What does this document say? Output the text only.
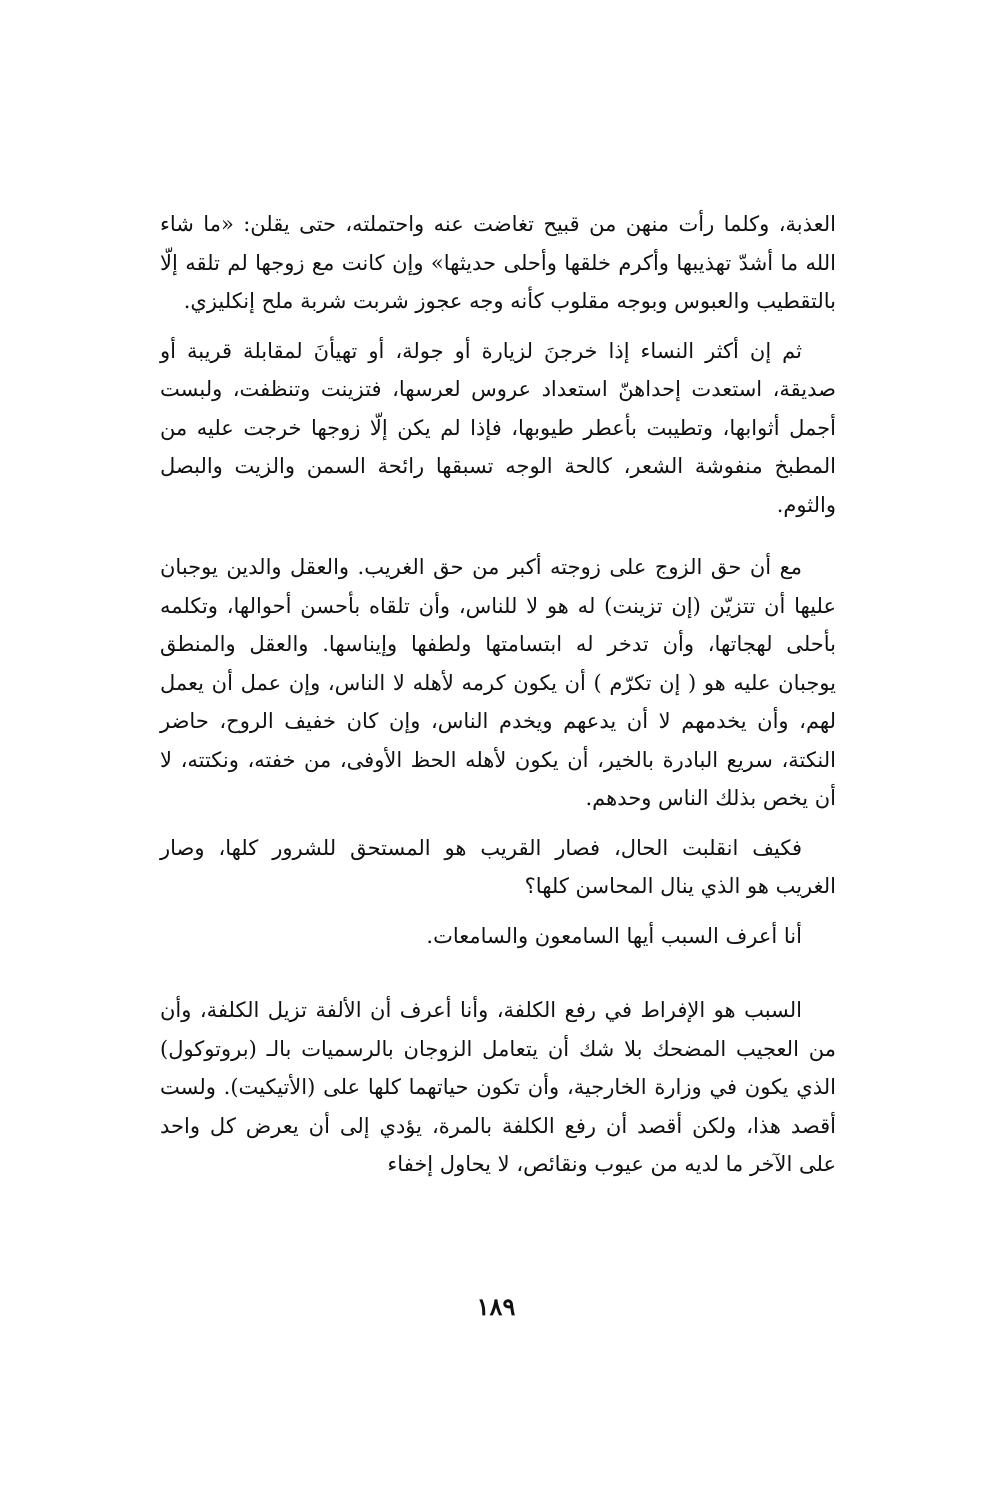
العذبة، وكلما رأت منهن من قبيح تغاضت عنه واحتملته، حتى يقلن: «ما شاء الله ما أشدّ تهذيبها وأكرم خلقها وأحلى حديثها» وإن كانت مع زوجها لم تلقه إلّا بالتقطيب والعبوس وبوجه مقلوب كأنه وجه عجوز شربت شربة ملح إنكليزي.

ثم إن أكثر النساء إذا خرجنَ لزيارة أو جولة، أو تهيأنَ لمقابلة قريبة أو صديقة، استعدت إحداهنّ استعداد عروس لعرسها، فتزينت وتنظفت، ولبست أجمل أثوابها، وتطيبت بأعطر طيوبها، فإذا لم يكن إلّا زوجها خرجت عليه من المطبخ منفوشة الشعر، كالحة الوجه تسبقها رائحة السمن والزيت والبصل والثوم.

مع أن حق الزوج على زوجته أكبر من حق الغريب. والعقل والدين يوجبان عليها أن تتزيّن (إن تزينت) له هو لا للناس، وأن تلقاه بأحسن أحوالها، وتكلمه بأحلى لهجاتها، وأن تدخر له ابتسامتها ولطفها وإيناسها. والعقل والمنطق يوجبان عليه هو ( إن تكرّم ) أن يكون كرمه لأهله لا الناس، وإن عمل أن يعمل لهم، وأن يخدمهم لا أن يدعهم ويخدم الناس، وإن كان خفيف الروح، حاضر النكتة، سريع البادرة بالخير، أن يكون لأهله الحظ الأوفى، من خفته، ونكتته، لا أن يخص بذلك الناس وحدهم.

فكيف انقلبت الحال، فصار القريب هو المستحق للشرور كلها، وصار الغريب هو الذي ينال المحاسن كلها؟

أنا أعرف السبب أيها السامعون والسامعات.

السبب هو الإفراط في رفع الكلفة، وأنا أعرف أن الألفة تزيل الكلفة، وأن من العجيب المضحك بلا شك أن يتعامل الزوجان بالرسميات بالـ (بروتوكول) الذي يكون في وزارة الخارجية، وأن تكون حياتهما كلها على (الأتيكيت). ولست أقصد هذا، ولكن أقصد أن رفع الكلفة بالمرة، يؤدي إلى أن يعرض كل واحد على الآخر ما لديه من عيوب ونقائص، لا يحاول إخفاء

١٨٩
